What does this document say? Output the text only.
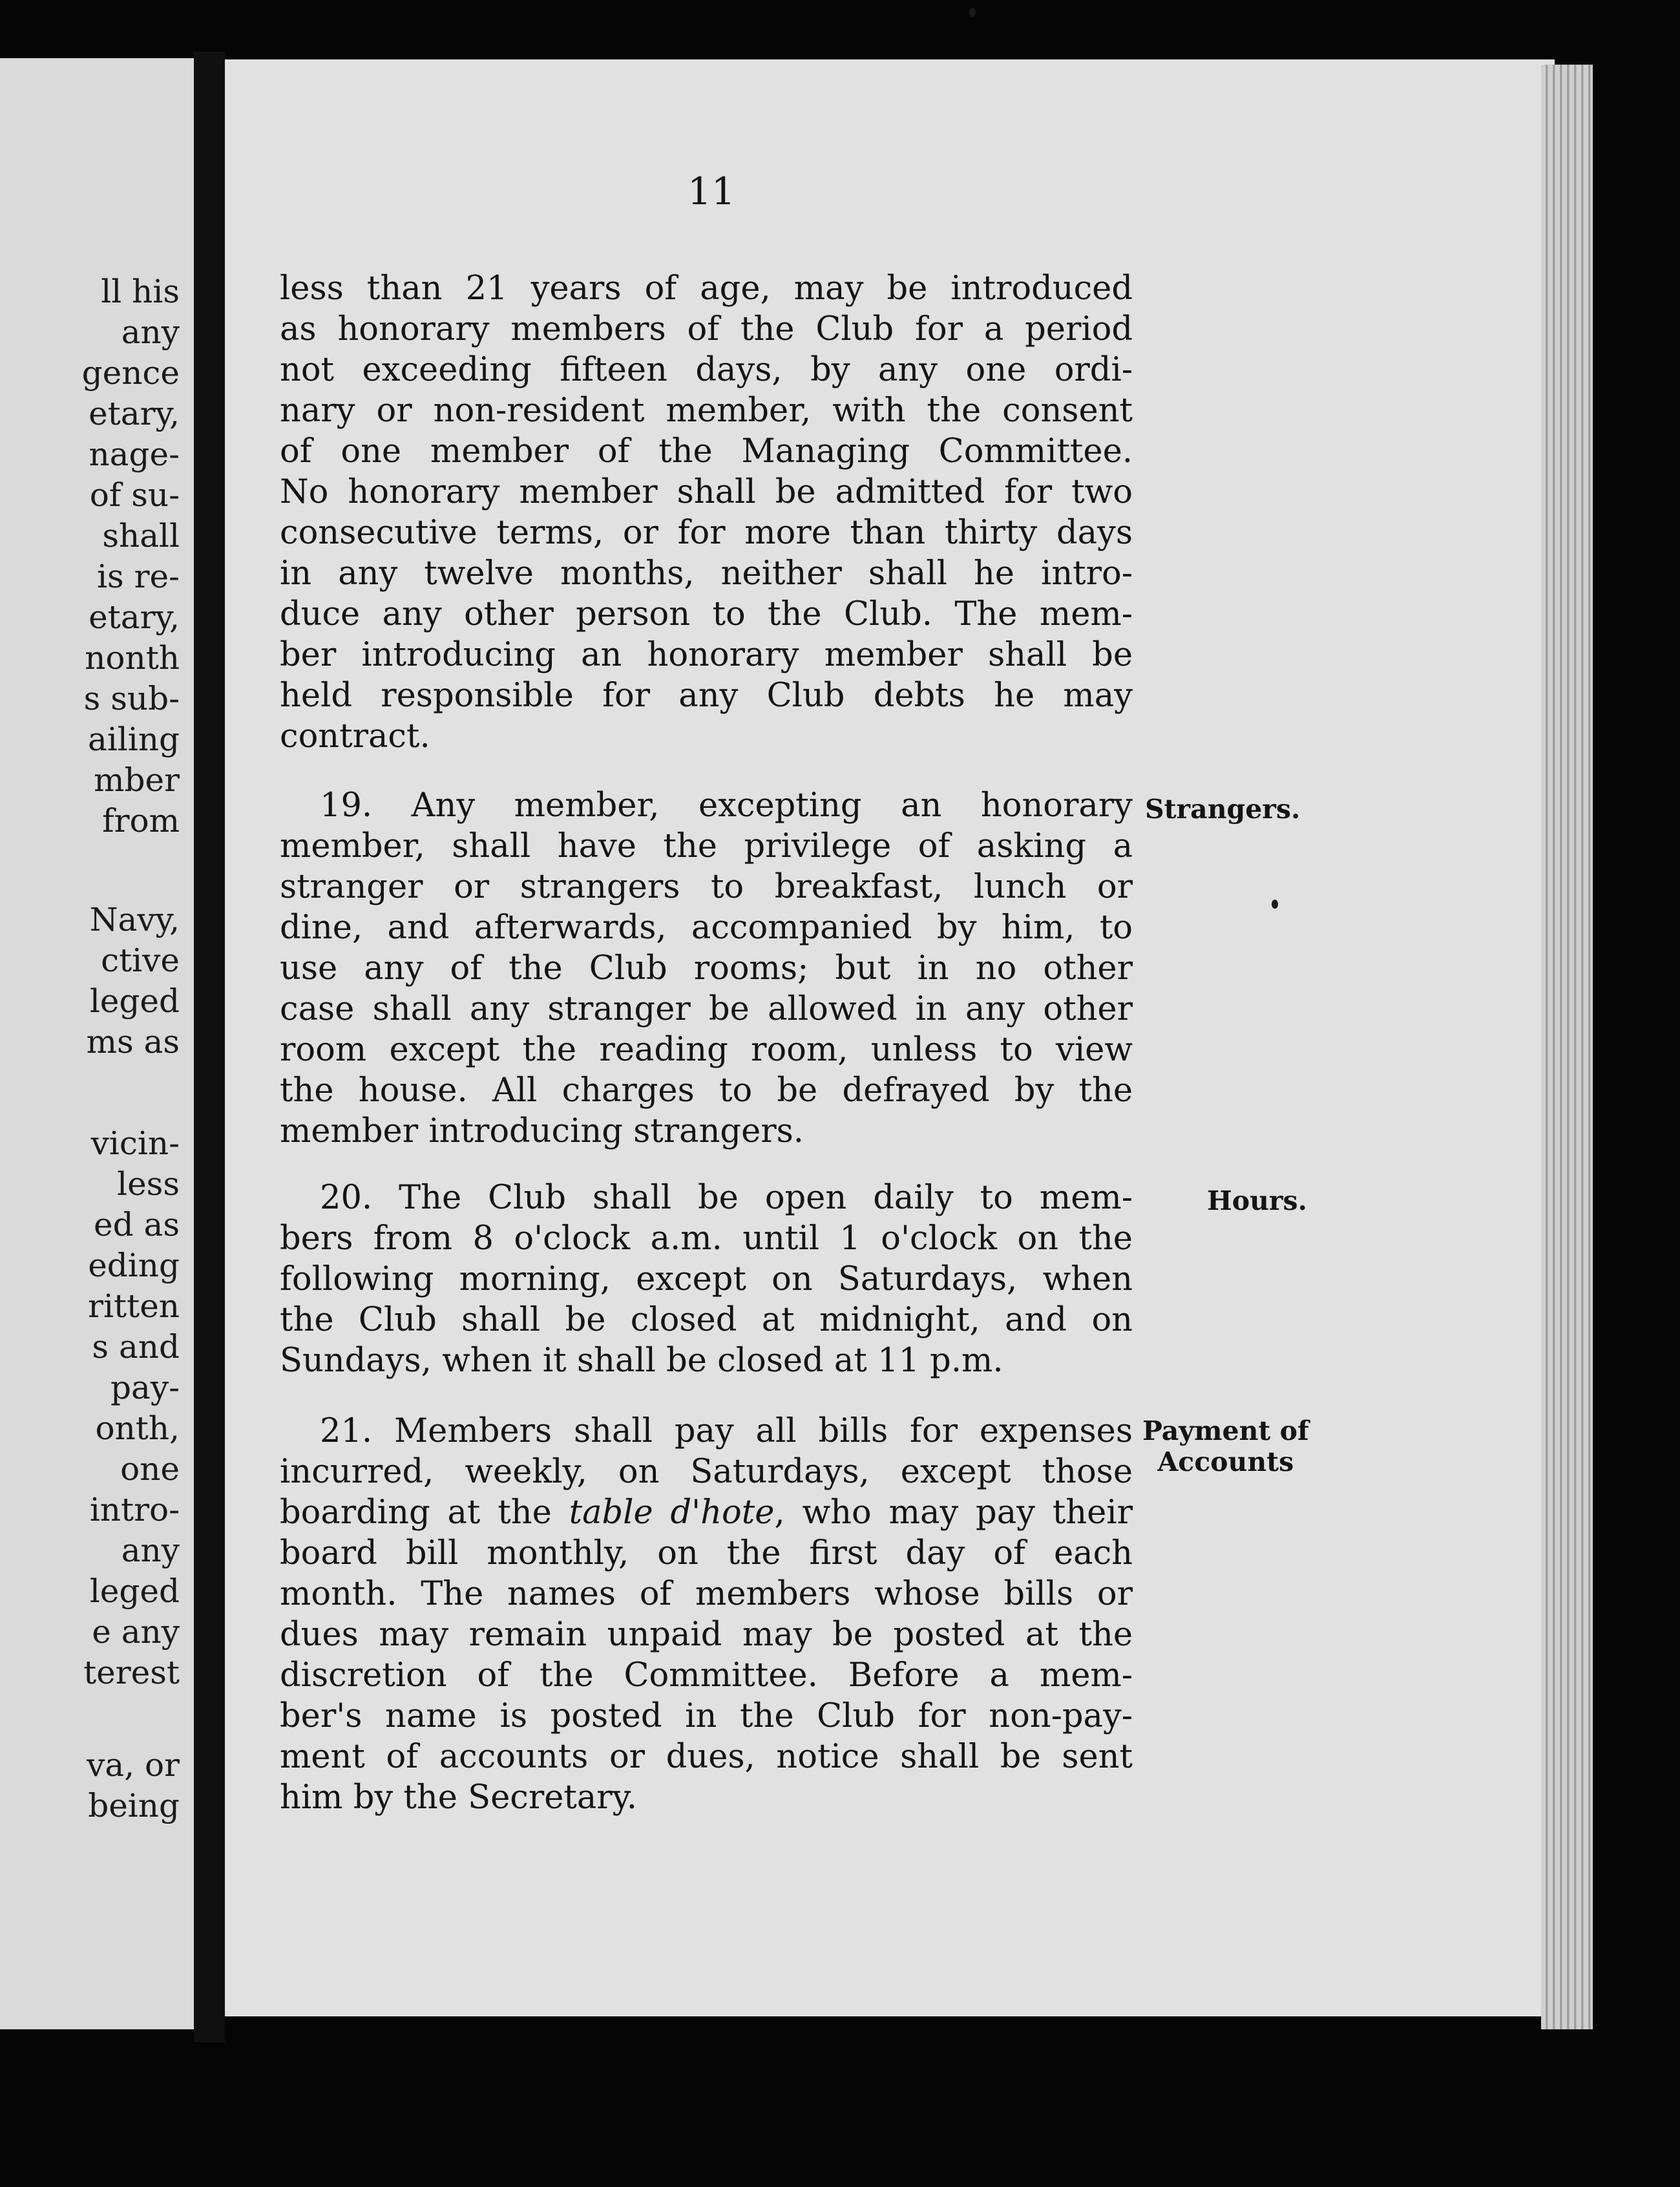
ll his
any
gence
etary,
nage-
of su-
shall
is re-
etary,
nonth
s sub-
ailing
mber
from
Navy,
ctive
leged
ms as
vicin-
less
ed as
eding
ritten
s and
pay-
onth,
one
intro-
any
leged
e any
terest
va, or
being
11
less than 21 years of age, may be introduced
as honorary members of the Club for a period
not exceeding fifteen days, by any one ordi-
nary or non-resident member, with the consent
of one member of the Managing Committee.
No honorary member shall be admitted for two
consecutive terms, or for more than thirty days
in any twelve months, neither shall he intro-
duce any other person to the Club. The mem-
ber introducing an honorary member shall be
held responsible for any Club debts he may
contract.
19. Any member, excepting an honorary
member, shall have the privilege of asking a
stranger or strangers to breakfast, lunch or
dine, and afterwards, accompanied by him, to
use any of the Club rooms; but in no other
case shall any stranger be allowed in any other
room except the reading room, unless to view
the house. All charges to be defrayed by the
member introducing strangers.
Strangers.
20. The Club shall be open daily to mem-
bers from 8 o'clock a.m. until 1 o'clock on the
following morning, except on Saturdays, when
the Club shall be closed at midnight, and on
Sundays, when it shall be closed at 11 p.m.
Hours.
21. Members shall pay all bills for expenses
incurred, weekly, on Saturdays, except those
boarding at the table d'hote, who may pay their
board bill monthly, on the first day of each
month. The names of members whose bills or
dues may remain unpaid may be posted at the
discretion of the Committee. Before a mem-
ber's name is posted in the Club for non-pay-
ment of accounts or dues, notice shall be sent
him by the Secretary.
Payment of
Accounts
